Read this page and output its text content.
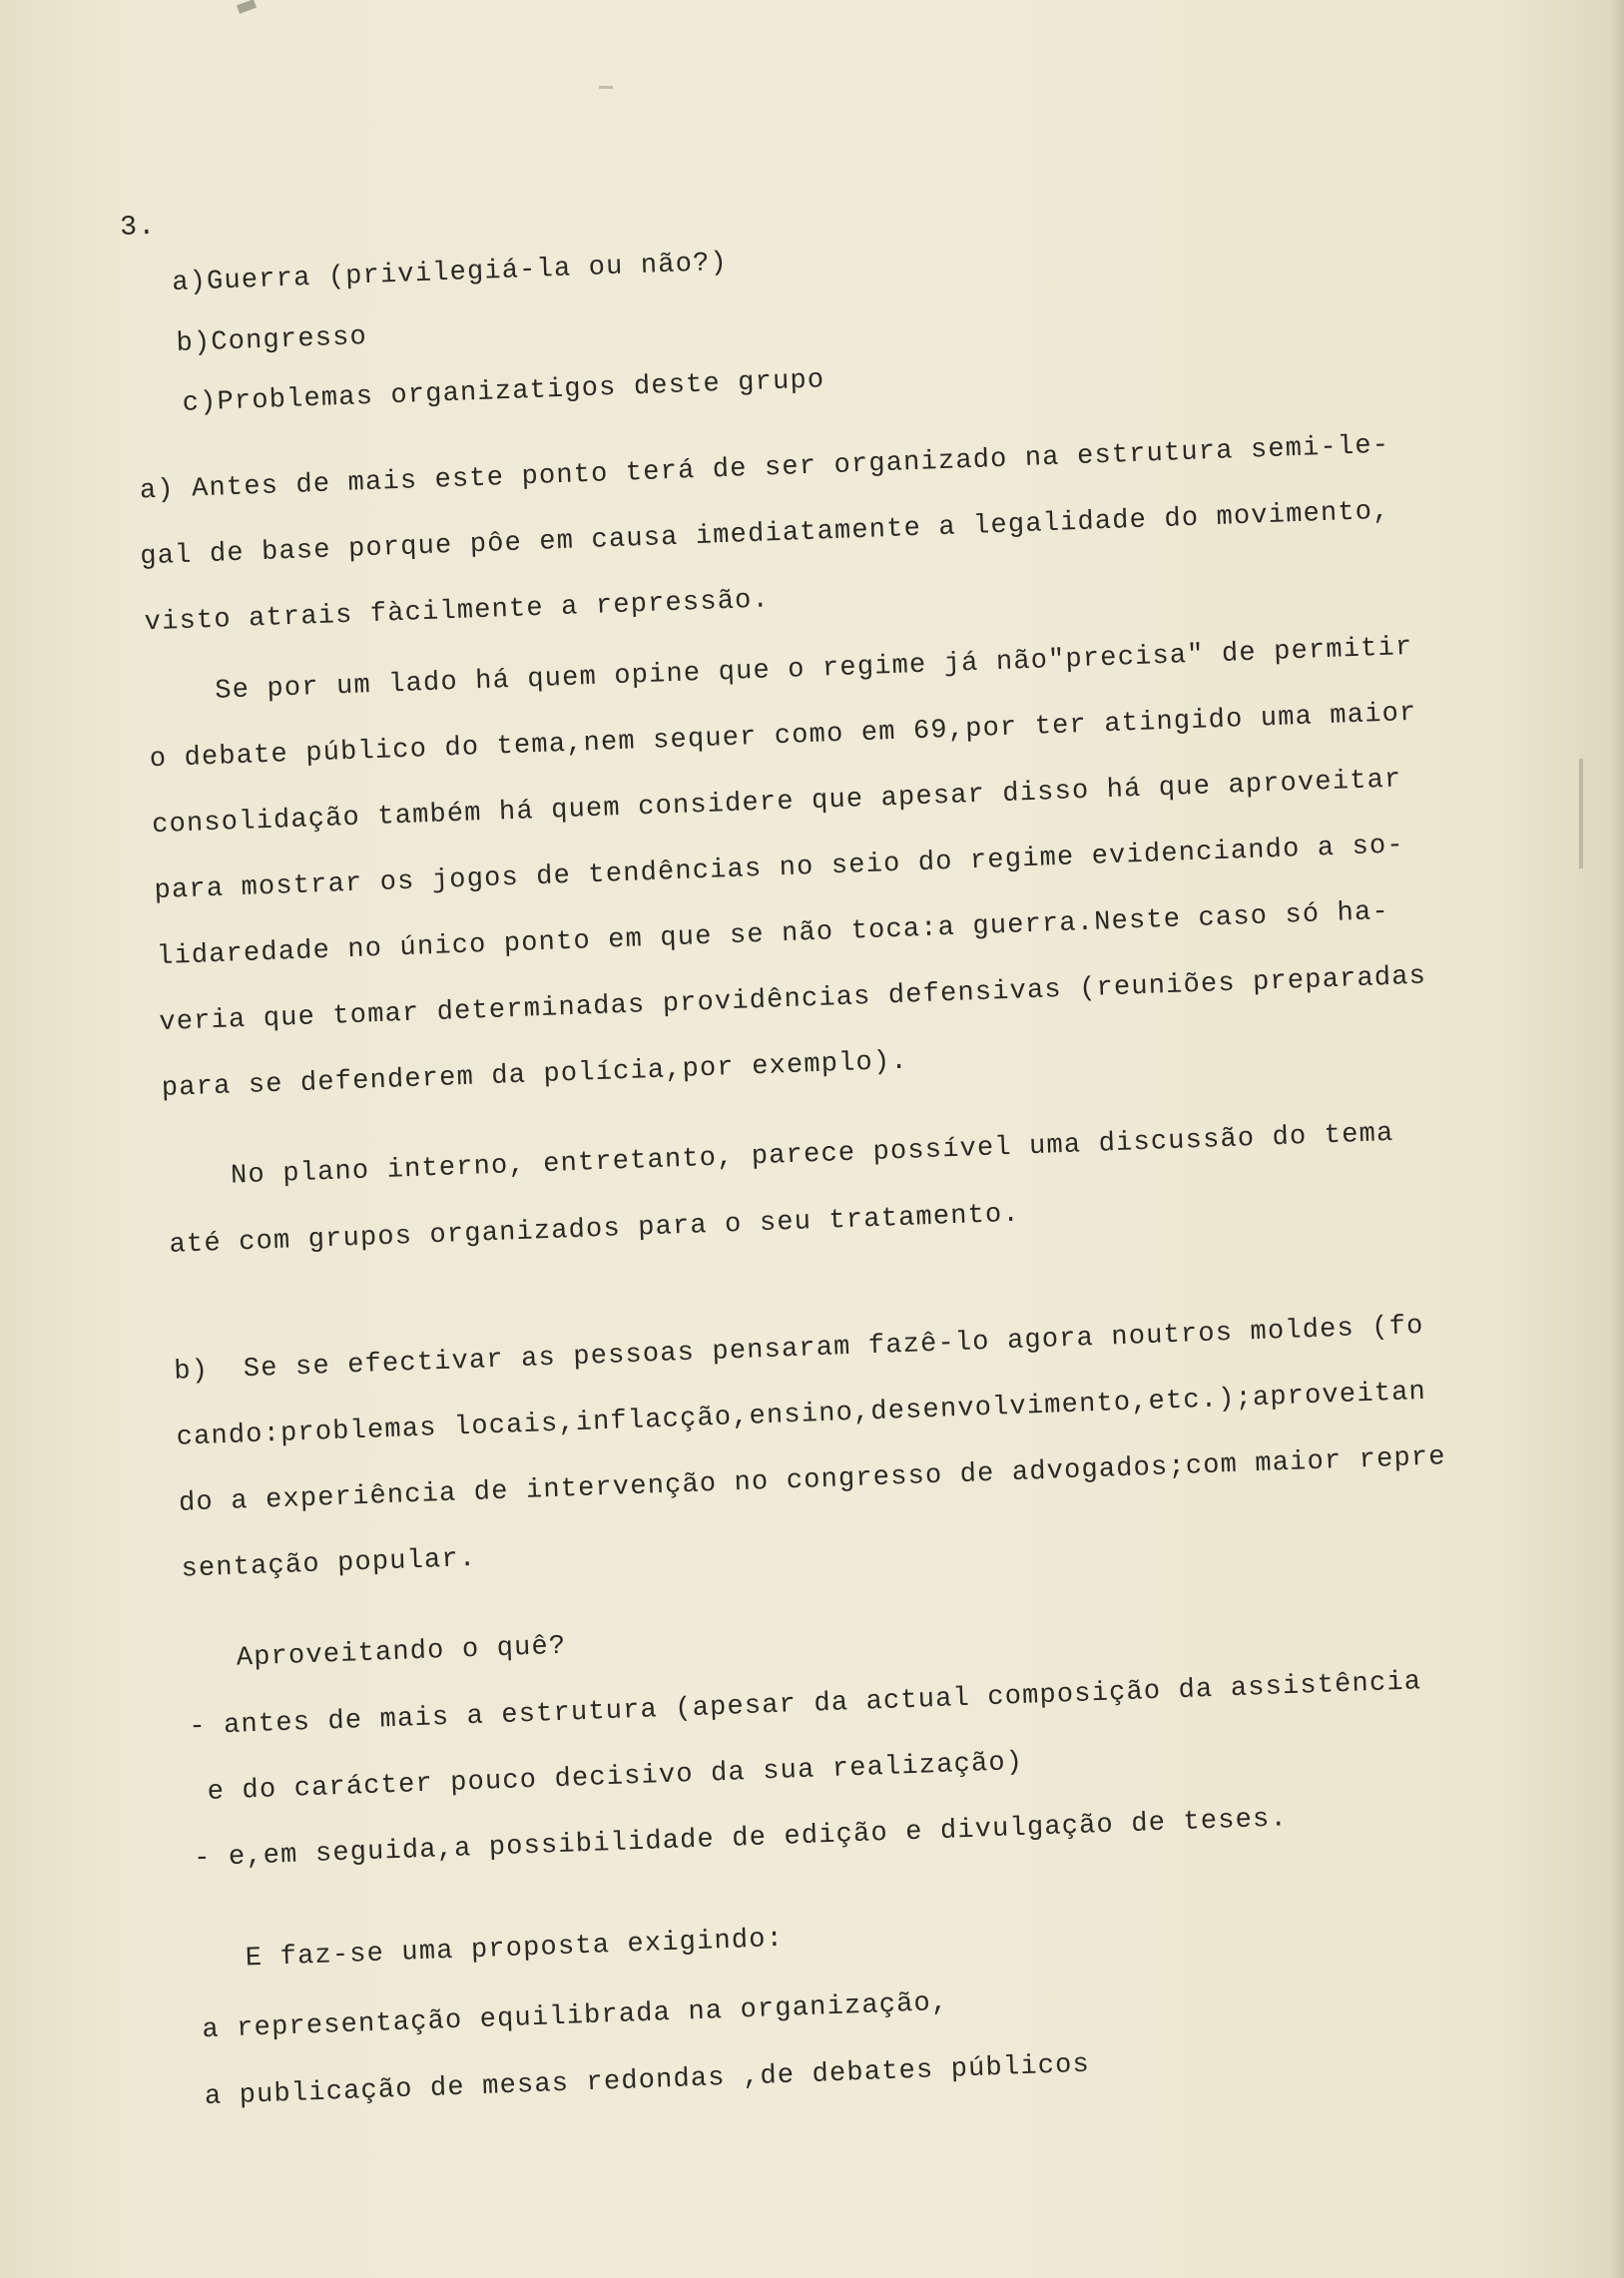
3.
a)Guerra (privilegiá-la ou não?)
b)Congresso
c)Problemas organizatigos deste grupo
a) Antes de mais este ponto terá de ser organizado na estrutura semi-le-
gal de base porque pôe em causa imediatamente a legalidade do movimento,
visto atrais fàcilmente a repressão.
Se por um lado há quem opine que o regime já não"precisa" de permitir
o debate público do tema,nem sequer como em 69,por ter atingido uma maior
consolidação também há quem considere que apesar disso há que aproveitar
para mostrar os jogos de tendências no seio do regime evidenciando a so-
lidaredade no único ponto em que se não toca:a guerra.Neste caso só ha-
veria que tomar determinadas providências defensivas (reuniões preparadas
para se defenderem da polícia,por exemplo).
No plano interno, entretanto, parece possível uma discussão do tema
até com grupos organizados para o seu tratamento.
b)  Se se efectivar as pessoas pensaram fazê-lo agora noutros moldes (fo
cando:problemas locais,inflacção,ensino,desenvolvimento,etc.);aproveitan
do a experiência de intervenção no congresso de advogados;com maior repre
sentação popular.
Aproveitando o quê?
- antes de mais a estrutura (apesar da actual composição da assistência
e do carácter pouco decisivo da sua realização)
- e,em seguida,a possibilidade de edição e divulgação de teses.
E faz-se uma proposta exigindo:
a representação equilibrada na organização,
a publicação de mesas redondas ,de debates públicos
